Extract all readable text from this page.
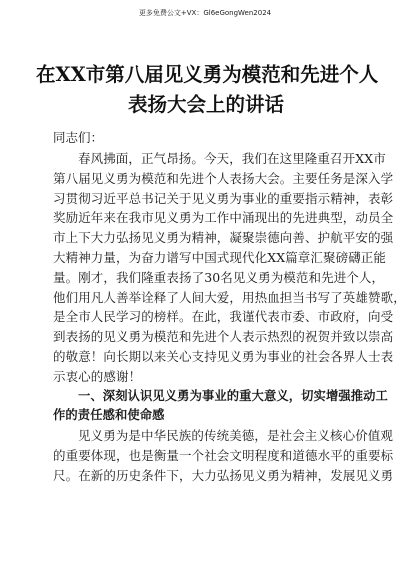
更多免费公文+VX：Gl6eGongWen2024
在XX市第八届见义勇为模范和先进个人
表扬大会上的讲话

同志们：

春风拂面，正气昂扬。今天，我们在这里隆重召开XX市
第八届见义勇为模范和先进个人表扬大会。主要任务是深入学
习贯彻习近平总书记关于见义勇为事业的重要指示精神，表彰
奖励近年来在我市见义勇为工作中涌现出的先进典型，动员全
市上下大力弘扬见义勇为精神，凝聚崇德向善、护航平安的强
大精神力量，为奋力谱写中国式现代化XX篇章汇聚磅礴正能
量。刚才，我们隆重表扬了30名见义勇为模范和先进个人，
他们用凡人善举诠释了人间大爱，用热血担当书写了英雄赞歌，
是全市人民学习的榜样。在此，我谨代表市委、市政府，向受
到表扬的见义勇为模范和先进个人表示热烈的祝贺并致以崇高
的敬意！向长期以来关心支持见义勇为事业的社会各界人士表
示衷心的感谢！
一、深刻认识见义勇为事业的重大意义，切实增强推动工
作的责任感和使命感
见义勇为是中华民族的传统美德，是社会主义核心价值观
的重要体现，也是衡量一个社会文明程度和道德水平的重要标
尺。在新的历史条件下，大力弘扬见义勇为精神，发展见义勇
